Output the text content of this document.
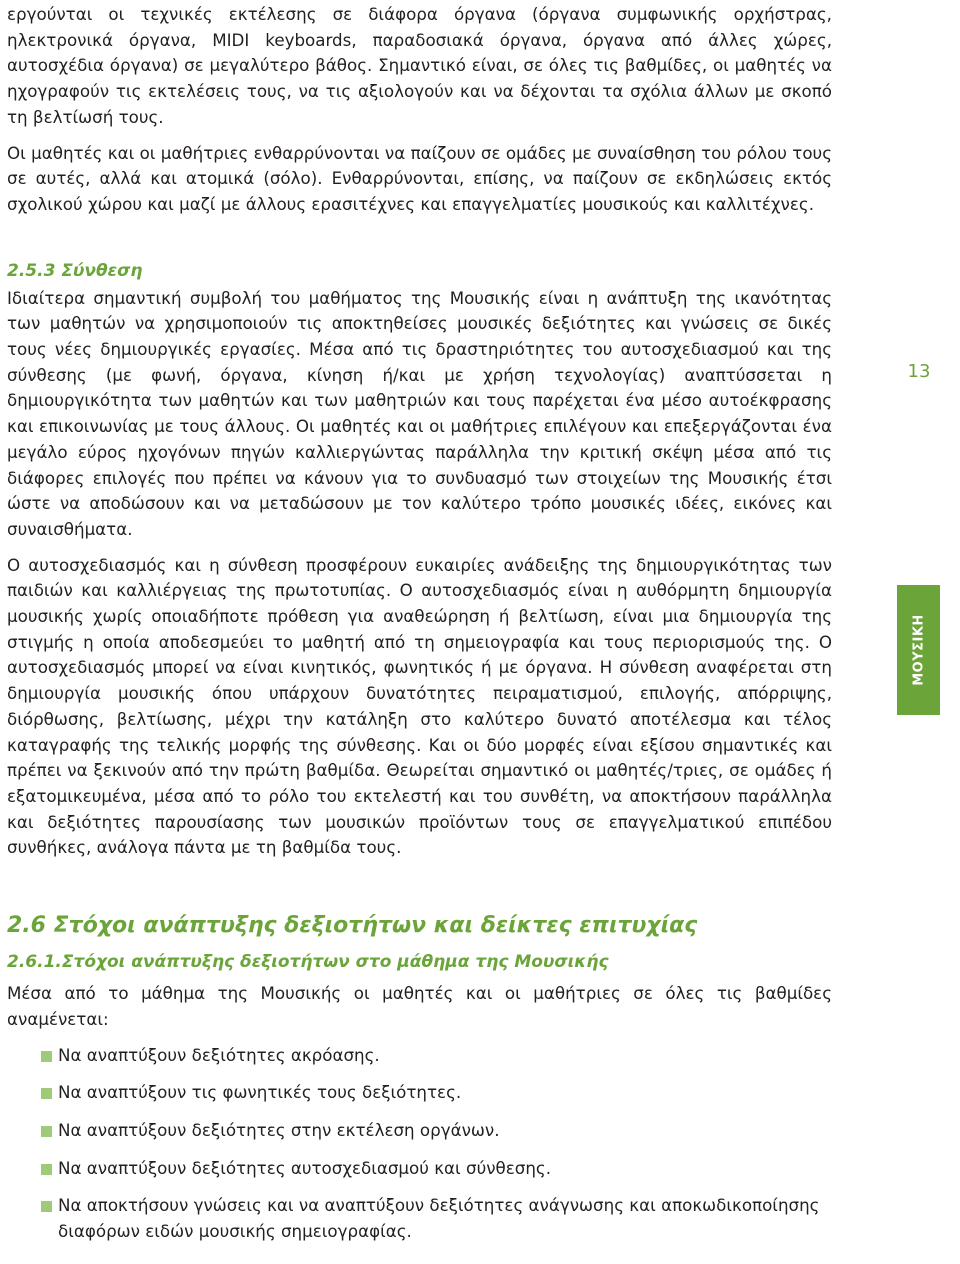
εργούνται οι τεχνικές εκτέλεσης σε διάφορα όργανα (όργανα συμφωνικής ορχήστρας, ηλεκτρονικά όργανα, MIDI keyboards, παραδοσιακά όργανα, όργανα από άλλες χώρες, αυτοσχέδια όργανα) σε μεγαλύτερο βάθος. Σημαντικό είναι, σε όλες τις βαθμίδες, οι μαθητές να ηχογραφούν τις εκτελέσεις τους, να τις αξιολογούν και να δέχονται τα σχόλια άλλων με σκοπό τη βελτίωσή τους.

Οι μαθητές και οι μαθήτριες ενθαρρύνονται να παίζουν σε ομάδες με συναίσθηση του ρόλου τους σε αυτές, αλλά και ατομικά (σόλο). Ενθαρρύνονται, επίσης, να παίζουν σε εκδηλώσεις εκτός σχολικού χώρου και μαζί με άλλους ερασιτέχνες και επαγγελματίες μουσικούς και καλλιτέχνες.

2.5.3 Σύνθεση

Ιδιαίτερα σημαντική συμβολή του μαθήματος της Μουσικής είναι η ανάπτυξη της ικανότητας των μαθητών να χρησιμοποιούν τις αποκτηθείσες μουσικές δεξιότητες και γνώσεις σε δικές τους νέες δημιουργικές εργασίες. Μέσα από τις δραστηριότητες του αυτοσχεδιασμού και της σύνθεσης (με φωνή, όργανα, κίνηση ή/και με χρήση τεχνολογίας) αναπτύσσεται η δημιουργικότητα των μαθητών και των μαθητριών και τους παρέχεται ένα μέσο αυτοέκφρασης και επικοινωνίας με τους άλλους. Οι μαθητές και οι μαθήτριες επιλέγουν και επεξεργάζονται ένα μεγάλο εύρος ηχογόνων πηγών καλλιεργώντας παράλληλα την κριτική σκέψη μέσα από τις διάφορες επιλογές που πρέπει να κάνουν για το συνδυασμό των στοιχείων της Μουσικής έτσι ώστε να αποδώσουν και να μεταδώσουν με τον καλύτερο τρόπο μουσικές ιδέες, εικόνες και συναισθήματα.

Ο αυτοσχεδιασμός και η σύνθεση προσφέρουν ευκαιρίες ανάδειξης της δημιουργικότητας των παιδιών και καλλιέργειας της πρωτοτυπίας. Ο αυτοσχεδιασμός είναι η αυθόρμητη δημιουργία μουσικής χωρίς οποιαδήποτε πρόθεση για αναθεώρηση ή βελτίωση, είναι μια δημιουργία της στιγμής η οποία αποδεσμεύει το μαθητή από τη σημειογραφία και τους περιορισμούς της. Ο αυτοσχεδιασμός μπορεί να είναι κινητικός, φωνητικός ή με όργανα. Η σύνθεση αναφέρεται στη δημιουργία μουσικής όπου υπάρχουν δυνατότητες πειραματισμού, επιλογής, απόρριψης, διόρθωσης, βελτίωσης, μέχρι την κατάληξη στο καλύτερο δυνατό αποτέλεσμα και τέλος καταγραφής της τελικής μορφής της σύνθεσης. Και οι δύο μορφές είναι εξίσου σημαντικές και πρέπει να ξεκινούν από την πρώτη βαθμίδα. Θεωρείται σημαντικό οι μαθητές/τριες, σε ομάδες ή εξατομικευμένα, μέσα από το ρόλο του εκτελεστή και του συνθέτη, να αποκτήσουν παράλληλα και δεξιότητες παρουσίασης των μουσικών προϊόντων τους σε επαγγελματικού επιπέδου συνθήκες, ανάλογα πάντα με τη βαθμίδα τους.

2.6 Στόχοι ανάπτυξης δεξιοτήτων και δείκτες επιτυχίας
2.6.1.Στόχοι ανάπτυξης δεξιοτήτων στο μάθημα της Μουσικής

Μέσα από το μάθημα της Μουσικής οι μαθητές και οι μαθήτριες σε όλες τις βαθμίδες αναμένεται:

Να αναπτύξουν δεξιότητες ακρόασης.
Να αναπτύξουν τις φωνητικές τους δεξιότητες.
Να αναπτύξουν δεξιότητες στην εκτέλεση οργάνων.
Να αναπτύξουν δεξιότητες αυτοσχεδιασμού και σύνθεσης.
Να αποκτήσουν γνώσεις και να αναπτύξουν δεξιότητες ανάγνωσης και αποκωδικοποίησης διαφόρων ειδών μουσικής σημειογραφίας.
13
ΜΟΥΣΙΚΗ
